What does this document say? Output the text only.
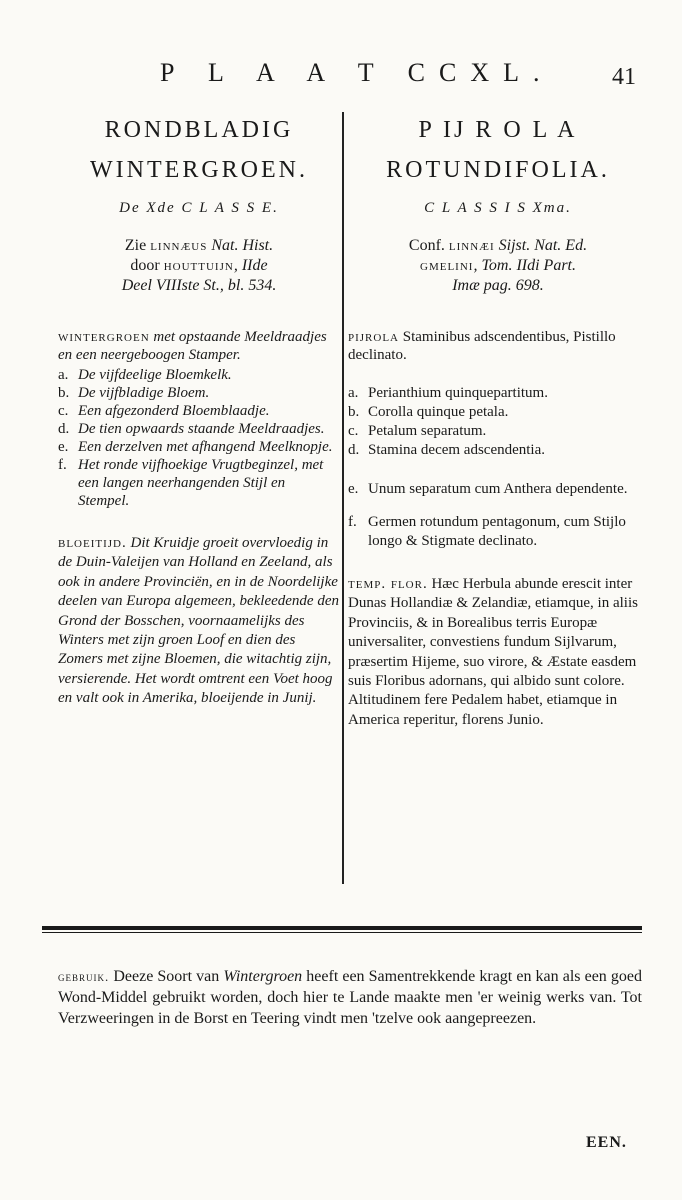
P L A A T CCXL. 41
RONDBLADIG
WINTERGROEN.
De Xde C L A S S E.
Zie linnæus Nat. Hist.
door houttuijn, IIde
Deel VIIIste St., bl. 534.
wintergroen met opstaande Meeldraadjes en een neergeboogen Stamper.
a. De vijfdeelige Bloemkelk.
b. De vijfbladige Bloem.
c. Een afgezonderd Bloemblaadje.
d. De tien opwaards staande Meeldraadjes.
e. Een derzelven met afhangend Meelknopje.
f. Het ronde vijfhoekige Vrugtbeginzel, met een langen neerhangenden Stijl en Stempel.
bloeitijd. Dit Kruidje groeit overvloedig in de Duin-Valeijen van Holland en Zeeland, als ook in andere Provinciën, en in de Noordelijke deelen van Europa algemeen, bekleedende den Grond der Bosschen, voornaamelijks des Winters met zijn groen Loof en dien des Zomers met zijne Bloemen, die witachtig zijn, versierende. Het wordt omtrent een Voet hoog en valt ook in Amerika, bloeijende in Junij.
P IJ R O L A
ROTUNDIFOLIA.
C L A S S I S Xma.
Conf. linnæi Sijst. Nat. Ed.
gmelini, Tom. IIdi Part.
Imæ pag. 698.
pijrola Staminibus adscendentibus, Pistillo declinato.
a. Perianthium quinquepartitum.
b. Corolla quinque petala.
c. Petalum separatum.
d. Stamina decem adscendentia.
e. Unum separatum cum Anthera dependente.
f. Germen rotundum pentagonum, cum Stijlo longo & Stigmate declinato.
temp. flor. Hæc Herbula abunde erescit inter Dunas Hollandiæ & Zelandiæ, etiamque, in aliis Provinciis, & in Borealibus terris Europæ universaliter, convestiens fundum Sijlvarum, præsertim Hijeme, suo virore, & Æstate easdem suis Floribus adornans, qui albido sunt colore. Altitudinem fere Pedalem habet, etiamque in America reperitur, florens Junio.
gebruik. Deeze Soort van Wintergroen heeft een Samentrekkende kragt en kan als een goed Wond-Middel gebruikt worden, doch hier te Lande maakte men 'er weinig werks van. Tot Verzweeringen in de Borst en Teering vindt men 'tzelve ook aangepreezen.
EEN.
